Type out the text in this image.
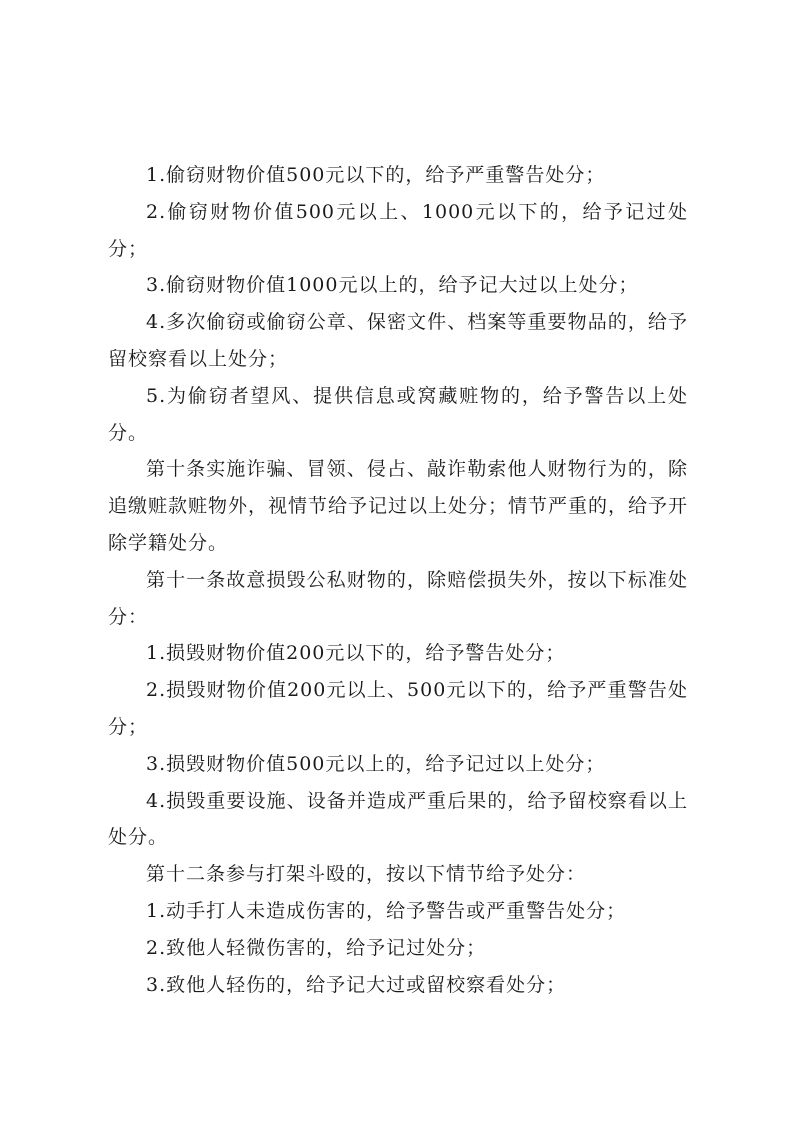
1.偷窃财物价值500元以下的，给予严重警告处分；

2.偷窃财物价值500元以上、1000元以下的，给予记过处分；

3.偷窃财物价值1000元以上的，给予记大过以上处分；

4.多次偷窃或偷窃公章、保密文件、档案等重要物品的，给予留校察看以上处分；

5.为偷窃者望风、提供信息或窝藏赃物的，给予警告以上处分。

第十条实施诈骗、冒领、侵占、敲诈勒索他人财物行为的，除追缴赃款赃物外，视情节给予记过以上处分；情节严重的，给予开除学籍处分。

第十一条故意损毁公私财物的，除赔偿损失外，按以下标准处分：

1.损毁财物价值200元以下的，给予警告处分；

2.损毁财物价值200元以上、500元以下的，给予严重警告处分；

3.损毁财物价值500元以上的，给予记过以上处分；

4.损毁重要设施、设备并造成严重后果的，给予留校察看以上处分。

第十二条参与打架斗殴的，按以下情节给予处分：

1.动手打人未造成伤害的，给予警告或严重警告处分；

2.致他人轻微伤害的，给予记过处分；

3.致他人轻伤的，给予记大过或留校察看处分；
